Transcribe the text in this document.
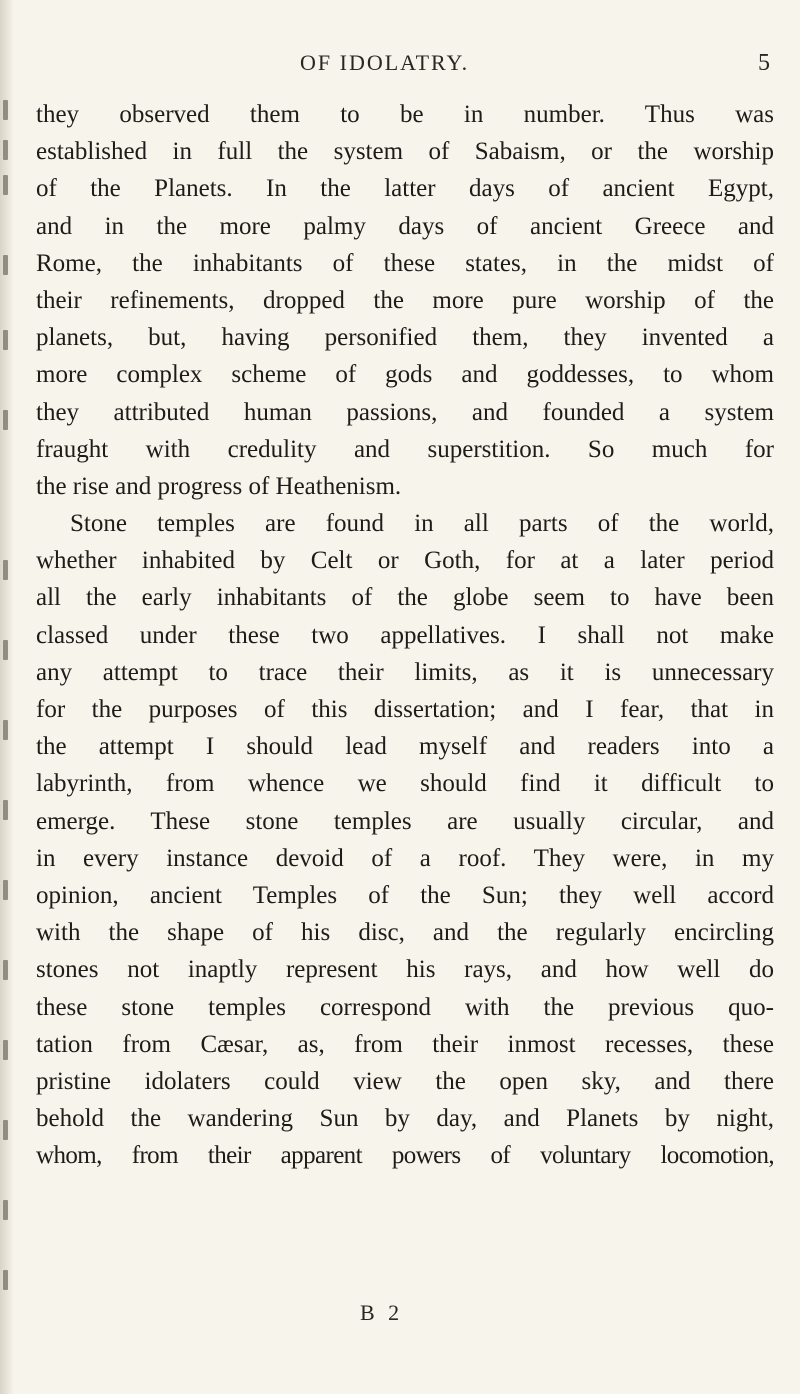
OF IDOLATRY.	5
they observed them to be in number. Thus was
established in full the system of Sabaism, or the worship
of the Planets. In the latter days of ancient Egypt,
and in the more palmy days of ancient Greece and
Rome, the inhabitants of these states, in the midst of
their refinements, dropped the more pure worship of the
planets, but, having personified them, they invented a
more complex scheme of gods and goddesses, to whom
they attributed human passions, and founded a system
fraught with credulity and superstition. So much for
the rise and progress of Heathenism.
Stone temples are found in all parts of the world,
whether inhabited by Celt or Goth, for at a later period
all the early inhabitants of the globe seem to have been
classed under these two appellatives. I shall not make
any attempt to trace their limits, as it is unnecessary
for the purposes of this dissertation; and I fear, that in
the attempt I should lead myself and readers into a
labyrinth, from whence we should find it difficult to
emerge. These stone temples are usually circular, and
in every instance devoid of a roof. They were, in my
opinion, ancient Temples of the Sun; they well accord
with the shape of his disc, and the regularly encircling
stones not inaptly represent his rays, and how well do
these stone temples correspond with the previous quo-
tation from Cæsar, as, from their inmost recesses, these
pristine idolaters could view the open sky, and there
behold the wandering Sun by day, and Planets by night,
whom, from their apparent powers of voluntary locomotion,
B 2
